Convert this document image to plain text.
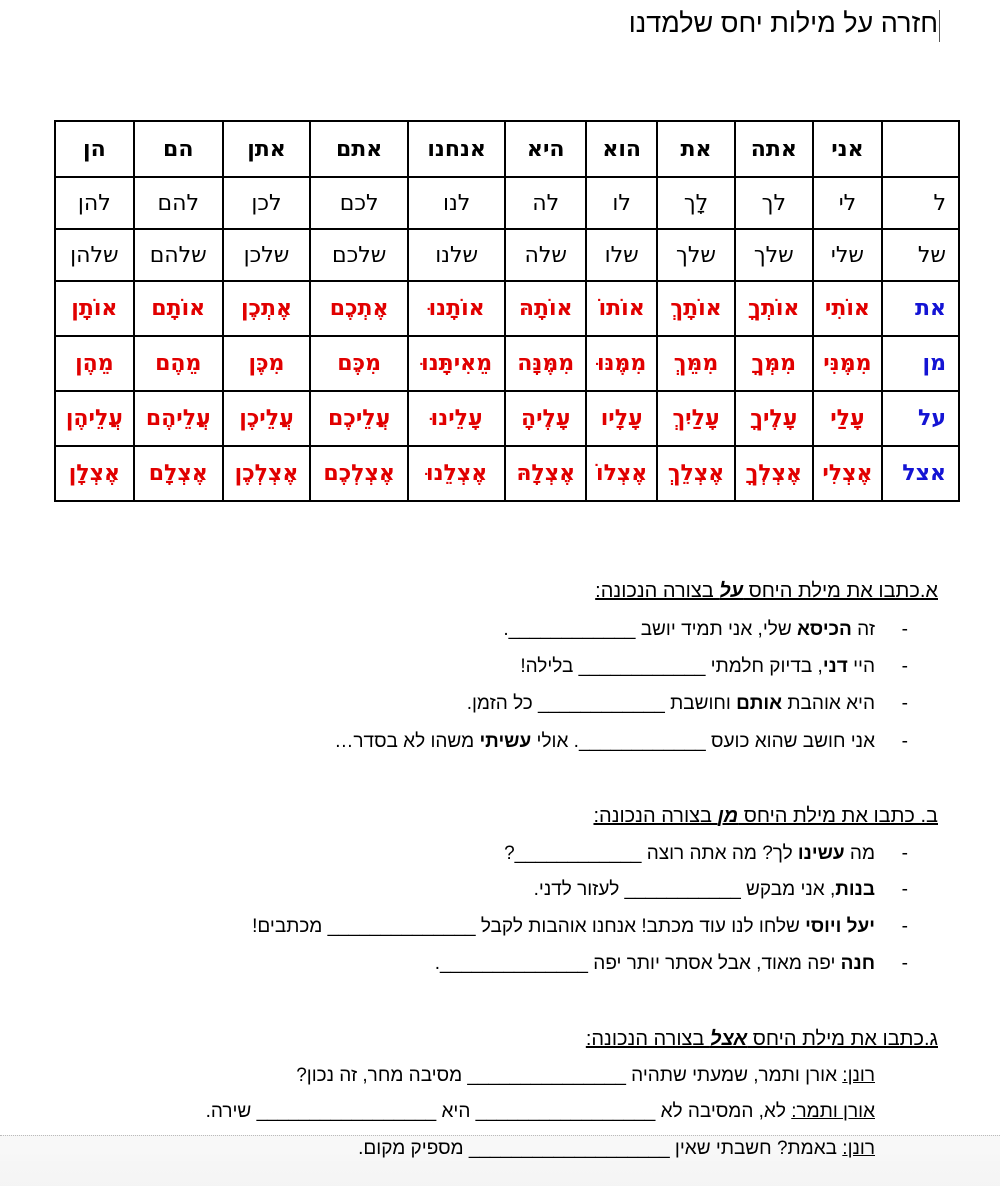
חזרה על מילות יחס שלמדנו
	אני	אתה	את	הוא	היא	אנחנו	אתם	אתן	הם	הן
ל	לי	לך	לָך	לו	לה	לנו	לכם	לכן	להם	להן
של	שלי	שלך	שלך	שלו	שלה	שלנו	שלכם	שלכן	שלהם	שלהן
את	אוֹתִי	אוֹתְךָ	אוֹתָךְ	אוֹתוֹ	אוֹתָהּ	אוֹתָנוּ	אֶתְכֶם	אֶתְכֶן	אוֹתָם	אוֹתָן
מן	מִמֶּנִּי	מִמְּךָ	מִמֵּךְ	מִמֶּנּוּ	מִמֶּנָּה	מֵאִיתָּנוּ	מִכֶּם	מִכֶּן	מֵהֶם	מֵהֶן
על	עָלַי	עָלֶיךָ	עָלַיִךְ	עָלָיו	עָלֶיהָ	עָלֵינוּ	עֲלֵיכֶם	עֲלֵיכֶן	עֲלֵיהֶם	עֲלֵיהֶן
אצל	אֶצְלִי	אֶצְלְךָ	אֶצְלֵךְ	אֶצְלוֹ	אֶצְלָהּ	אֶצְלֵנוּ	אֶצְלְכֶם	אֶצְלְכֶן	אֶצְלָם	אֶצְלָן
א.כתבו את מילת היחס על בצורה הנכונה:
-
זה הכיסא שלי, אני תמיד יושב ____________.
-
היי דני, בדיוק חלמתי ____________ בלילה!
-
היא אוהבת אותם וחושבת ____________ כל הזמן.
-
אני חושב שהוא כועס ____________. אולי עשיתי משהו לא בסדר…
ב. כתבו את מילת היחס מן בצורה הנכונה:
-
מה עשינו לך? מה אתה רוצה ____________?
-
בנות, אני מבקש ___________ לעזור לדני.
-
יעל ויוסי שלחו לנו עוד מכתב! אנחנו אוהבות לקבל ______________ מכתבים!
-
חנה יפה מאוד, אבל אסתר יותר יפה ______________.
ג.כתבו את מילת היחס אצל בצורה הנכונה:
רונן: אורן ותמר, שמעתי שתהיה _______________ מסיבה מחר, זה נכון?
אורן ותמר: לא, המסיבה לא _________________ היא _________________ שירה.
רונן: באמת? חשבתי שאין ___________________ מספיק מקום.
